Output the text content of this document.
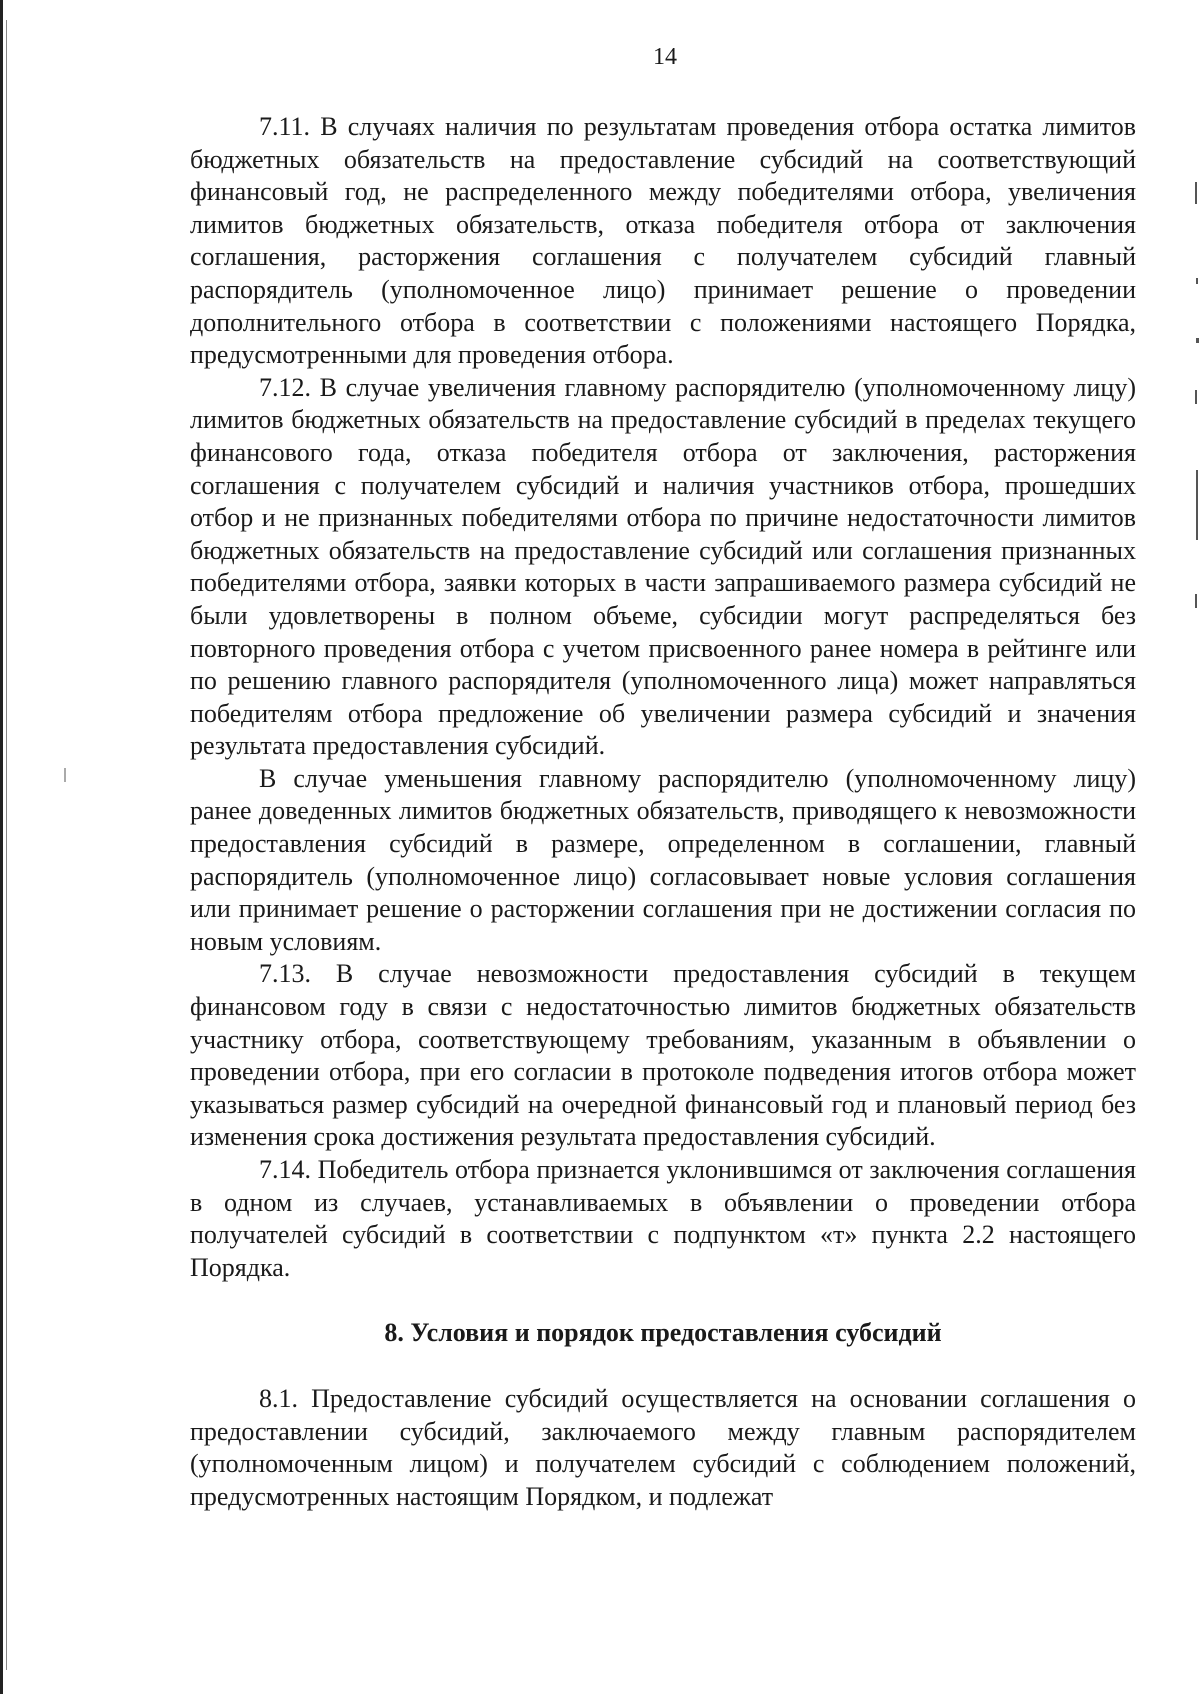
14

7.11. В случаях наличия по результатам проведения отбора остатка лимитов бюджетных обязательств на предоставление субсидий на соответствующий финансовый год, не распределенного между победителями отбора, увеличения лимитов бюджетных обязательств, отказа победителя отбора от заключения соглашения, расторжения соглашения с получателем субсидий главный распорядитель (уполномоченное лицо) принимает решение о проведении дополнительного отбора в соответствии с положениями настоящего Порядка, предусмотренными для проведения отбора.

7.12. В случае увеличения главному распорядителю (уполномоченному лицу) лимитов бюджетных обязательств на предоставление субсидий в пределах текущего финансового года, отказа победителя отбора от заключения, расторжения соглашения с получателем субсидий и наличия участников отбора, прошедших отбор и не признанных победителями отбора по причине недостаточности лимитов бюджетных обязательств на предоставление субсидий или соглашения признанных победителями отбора, заявки которых в части запрашиваемого размера субсидий не были удовлетворены в полном объеме, субсидии могут распределяться без повторного проведения отбора с учетом присвоенного ранее номера в рейтинге или по решению главного распорядителя (уполномоченного лица) может направляться победителям отбора предложение об увеличении размера субсидий и значения результата предоставления субсидий.

В случае уменьшения главному распорядителю (уполномоченному лицу) ранее доведенных лимитов бюджетных обязательств, приводящего к невозможности предоставления субсидий в размере, определенном в соглашении, главный распорядитель (уполномоченное лицо) согласовывает новые условия соглашения или принимает решение о расторжении соглашения при не достижении согласия по новым условиям.

7.13. В случае невозможности предоставления субсидий в текущем финансовом году в связи с недостаточностью лимитов бюджетных обязательств участнику отбора, соответствующему требованиям, указанным в объявлении о проведении отбора, при его согласии в протоколе подведения итогов отбора может указываться размер субсидий на очередной финансовый год и плановый период без изменения срока достижения результата предоставления субсидий.

7.14. Победитель отбора признается уклонившимся от заключения соглашения в одном из случаев, устанавливаемых в объявлении о проведении отбора получателей субсидий в соответствии с подпунктом «т» пункта 2.2 настоящего Порядка.

8. Условия и порядок предоставления субсидий

8.1. Предоставление субсидий осуществляется на основании соглашения о предоставлении субсидий, заключаемого между главным распорядителем (уполномоченным лицом) и получателем субсидий с соблюдением положений, предусмотренных настоящим Порядком, и подлежат
